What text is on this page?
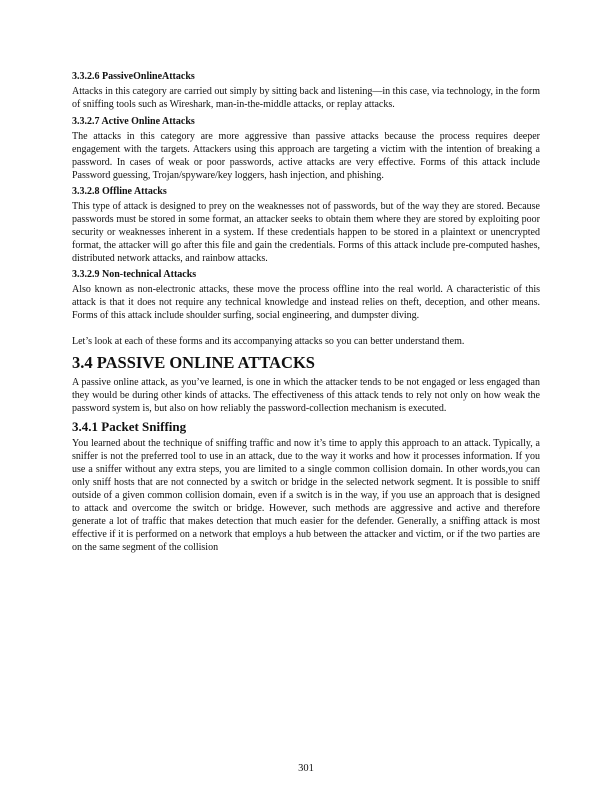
3.3.2.6 PassiveOnlineAttacks

Attacks in this category are carried out simply by sitting back and listening—in this case, via technology, in the form of sniffing tools such as Wireshark, man-in-the-middle attacks, or replay attacks.

3.3.2.7 Active Online Attacks

The attacks in this category are more aggressive than passive attacks because the process requires deeper engagement with the targets. Attackers using this approach are targeting a victim with the intention of breaking a password. In cases of weak or poor passwords, active attacks are very effective. Forms of this attack include Password guessing, Trojan/spyware/key loggers, hash injection, and phishing.

3.3.2.8 Offline Attacks

This type of attack is designed to prey on the weaknesses not of passwords, but of the way they are stored. Because passwords must be stored in some format, an attacker seeks to obtain them where they are stored by exploiting poor security or weaknesses inherent in a system. If these credentials happen to be stored in a plaintext or unencrypted format, the attacker will go after this file and gain the credentials. Forms of this attack include pre-computed hashes, distributed network attacks, and rainbow attacks.

3.3.2.9 Non-technical Attacks

Also known as non-electronic attacks, these move the process offline into the real world. A characteristic of this attack is that it does not require any technical knowledge and instead relies on theft, deception, and other means. Forms of this attack include shoulder surfing, social engineering, and dumpster diving.

Let’s look at each of these forms and its accompanying attacks so you can better understand them.

3.4 PASSIVE ONLINE ATTACKS

A passive online attack, as you’ve learned, is one in which the attacker tends to be not engaged or less engaged than they would be during other kinds of attacks. The effectiveness of this attack tends to rely not only on how weak the password system is, but also on how reliably the password-collection mechanism is executed.

3.4.1 Packet Sniffing

You learned about the technique of sniffing traffic and now it’s time to apply this approach to an attack. Typically, a sniffer is not the preferred tool to use in an attack, due to the way it works and how it processes information. If you use a sniffer without any extra steps, you are limited to a single common collision domain. In other words,you can only sniff hosts that are not connected by a switch or bridge in the selected network segment. It is possible to sniff outside of a given common collision domain, even if a switch is in the way, if you use an approach that is designed to attack and overcome the switch or bridge. However, such methods are aggressive and active and therefore generate a lot of traffic that makes detection that much easier for the defender. Generally, a sniffing attack is most effective if it is performed on a network that employs a hub between the attacker and victim, or if the two parties are on the same segment of the collision

301
